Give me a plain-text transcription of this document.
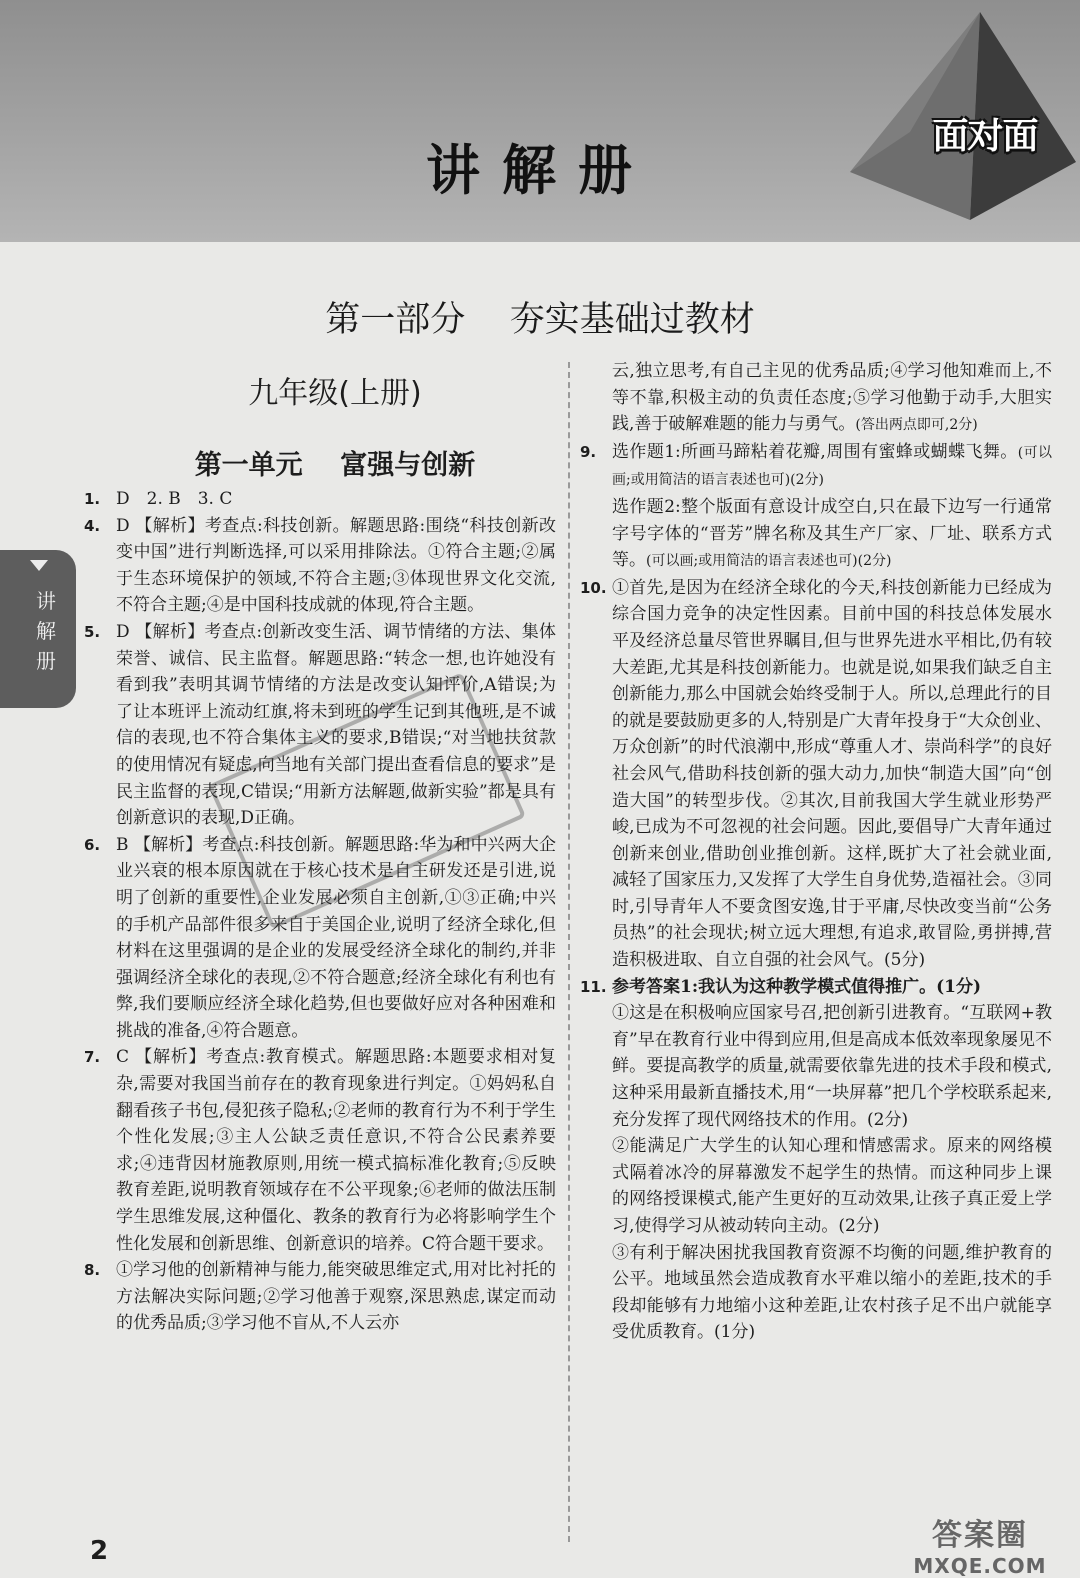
面对面
讲解册
讲
解
册
第一部分    夯实基础过教材
九年级(上册)
第一单元    富强与创新
1. D　2. B　3. C
4. D 【解析】考查点:科技创新。解题思路:围绕“科技创新改变中国”进行判断选择,可以采用排除法。①符合主题;②属于生态环境保护的领域,不符合主题;③体现世界文化交流,不符合主题;④是中国科技成就的体现,符合主题。
5. D 【解析】考查点:创新改变生活、调节情绪的方法、集体荣誉、诚信、民主监督。解题思路:“转念一想,也许她没有看到我”表明其调节情绪的方法是改变认知评价,A错误;为了让本班评上流动红旗,将未到班的学生记到其他班,是不诚信的表现,也不符合集体主义的要求,B错误;“对当地扶贫款的使用情况有疑虑,向当地有关部门提出查看信息的要求”是民主监督的表现,C错误;“用新方法解题,做新实验”都是具有创新意识的表现,D正确。
6. B 【解析】考查点:科技创新。解题思路:华为和中兴两大企业兴衰的根本原因就在于核心技术是自主研发还是引进,说明了创新的重要性,企业发展必须自主创新,①③正确;中兴的手机产品部件很多来自于美国企业,说明了经济全球化,但材料在这里强调的是企业的发展受经济全球化的制约,并非强调经济全球化的表现,②不符合题意;经济全球化有利也有弊,我们要顺应经济全球化趋势,但也要做好应对各种困难和挑战的准备,④符合题意。
7. C 【解析】考查点:教育模式。解题思路:本题要求相对复杂,需要对我国当前存在的教育现象进行判定。①妈妈私自翻看孩子书包,侵犯孩子隐私;②老师的教育行为不利于学生个性化发展;③主人公缺乏责任意识,不符合公民素养要求;④违背因材施教原则,用统一模式搞标准化教育;⑤反映教育差距,说明教育领域存在不公平现象;⑥老师的做法压制学生思维发展,这种僵化、教条的教育行为必将影响学生个性化发展和创新思维、创新意识的培养。C符合题干要求。
8. ①学习他的创新精神与能力,能突破思维定式,用对比衬托的方法解决实际问题;②学习他善于观察,深思熟虑,谋定而动的优秀品质;③学习他不盲从,不人云亦
云,独立思考,有自己主见的优秀品质;④学习他知难而上,不等不靠,积极主动的负责任态度;⑤学习他勤于动手,大胆实践,善于破解难题的能力与勇气。(答出两点即可,2分)
9. 选作题1:所画马蹄粘着花瓣,周围有蜜蜂或蝴蝶飞舞。(可以画;或用简洁的语言表述也可)(2分)
选作题2:整个版面有意设计成空白,只在最下边写一行通常字号字体的“晋芳”牌名称及其生产厂家、厂址、联系方式等。(可以画;或用简洁的语言表述也可)(2分)
10. ①首先,是因为在经济全球化的今天,科技创新能力已经成为综合国力竞争的决定性因素。目前中国的科技总体发展水平及经济总量尽管世界瞩目,但与世界先进水平相比,仍有较大差距,尤其是科技创新能力。也就是说,如果我们缺乏自主创新能力,那么中国就会始终受制于人。所以,总理此行的目的就是要鼓励更多的人,特别是广大青年投身于“大众创业、万众创新”的时代浪潮中,形成“尊重人才、崇尚科学”的良好社会风气,借助科技创新的强大动力,加快“制造大国”向“创造大国”的转型步伐。②其次,目前我国大学生就业形势严峻,已成为不可忽视的社会问题。因此,要倡导广大青年通过创新来创业,借助创业推创新。这样,既扩大了社会就业面,减轻了国家压力,又发挥了大学生自身优势,造福社会。③同时,引导青年人不要贪图安逸,甘于平庸,尽快改变当前“公务员热”的社会现状;树立远大理想,有追求,敢冒险,勇拼搏,营造积极进取、自立自强的社会风气。(5分)
11. 参考答案1:我认为这种教学模式值得推广。(1分)
①这是在积极响应国家号召,把创新引进教育。“互联网+教育”早在教育行业中得到应用,但是高成本低效率现象屡见不鲜。要提高教学的质量,就需要依靠先进的技术手段和模式,这种采用最新直播技术,用“一块屏幕”把几个学校联系起来,充分发挥了现代网络技术的作用。(2分)
②能满足广大学生的认知心理和情感需求。原来的网络模式隔着冰冷的屏幕激发不起学生的热情。而这种同步上课的网络授课模式,能产生更好的互动效果,让孩子真正爱上学习,使得学习从被动转向主动。(2分)
③有利于解决困扰我国教育资源不均衡的问题,维护教育的公平。地域虽然会造成教育水平难以缩小的差距,技术的手段却能够有力地缩小这种差距,让农村孩子足不出户就能享受优质教育。(1分)
2	答案圈
MXQE.COM
